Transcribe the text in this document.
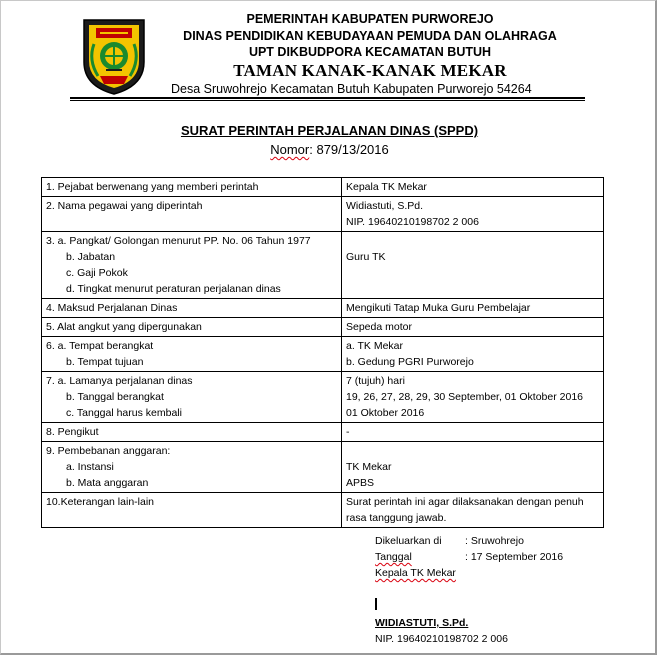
PEMERINTAH KABUPATEN PURWOREJO
DINAS PENDIDIKAN KEBUDAYAAN PEMUDA DAN OLAHRAGA
UPT DIKBUDPORA KECAMATAN BUTUH
TAMAN KANAK-KANAK MEKAR
Desa Sruwohrejo Kecamatan Butuh Kabupaten Purworejo 54264
SURAT PERINTAH PERJALANAN DINAS (SPPD)
Nomor: 879/13/2016
1. Pejabat berwenang yang memberi perintah	Kepala TK Mekar

2. Nama pegawai yang diperintah	Widiastuti, S.Pd.
NIP. 19640210198702 2 006

3. a. Pangkat/ Golongan menurut PP. No. 06 Tahun 1977
b. Jabatan
c. Gaji Pokok
d. Tingkat menurut peraturan perjalanan dinas	Guru TK

4. Maksud Perjalanan Dinas	Mengikuti Tatap Muka Guru Pembelajar

5. Alat angkut yang dipergunakan	Sepeda motor

6. a. Tempat berangkat
b. Tempat tujuan	a. TK Mekar
b. Gedung PGRI Purworejo

7. a. Lamanya perjalanan dinas
b. Tanggal berangkat
c. Tanggal harus kembali	7 (tujuh) hari
19, 26, 27, 28, 29, 30 September, 01 Oktober 2016
01 Oktober 2016

8. Pengikut	-

9. Pembebanan anggaran:
a. Instansi
b. Mata anggaran	TK Mekar
APBS

10.Keterangan lain-lain	Surat perintah ini agar dilaksanakan dengan penuh
rasa tanggung jawab.
Dikeluarkan di	: Sruwohrejo
Tanggal	: 17 September 2016
Kepala TK Mekar
WIDIASTUTI, S.Pd.
NIP. 19640210198702 2 006
